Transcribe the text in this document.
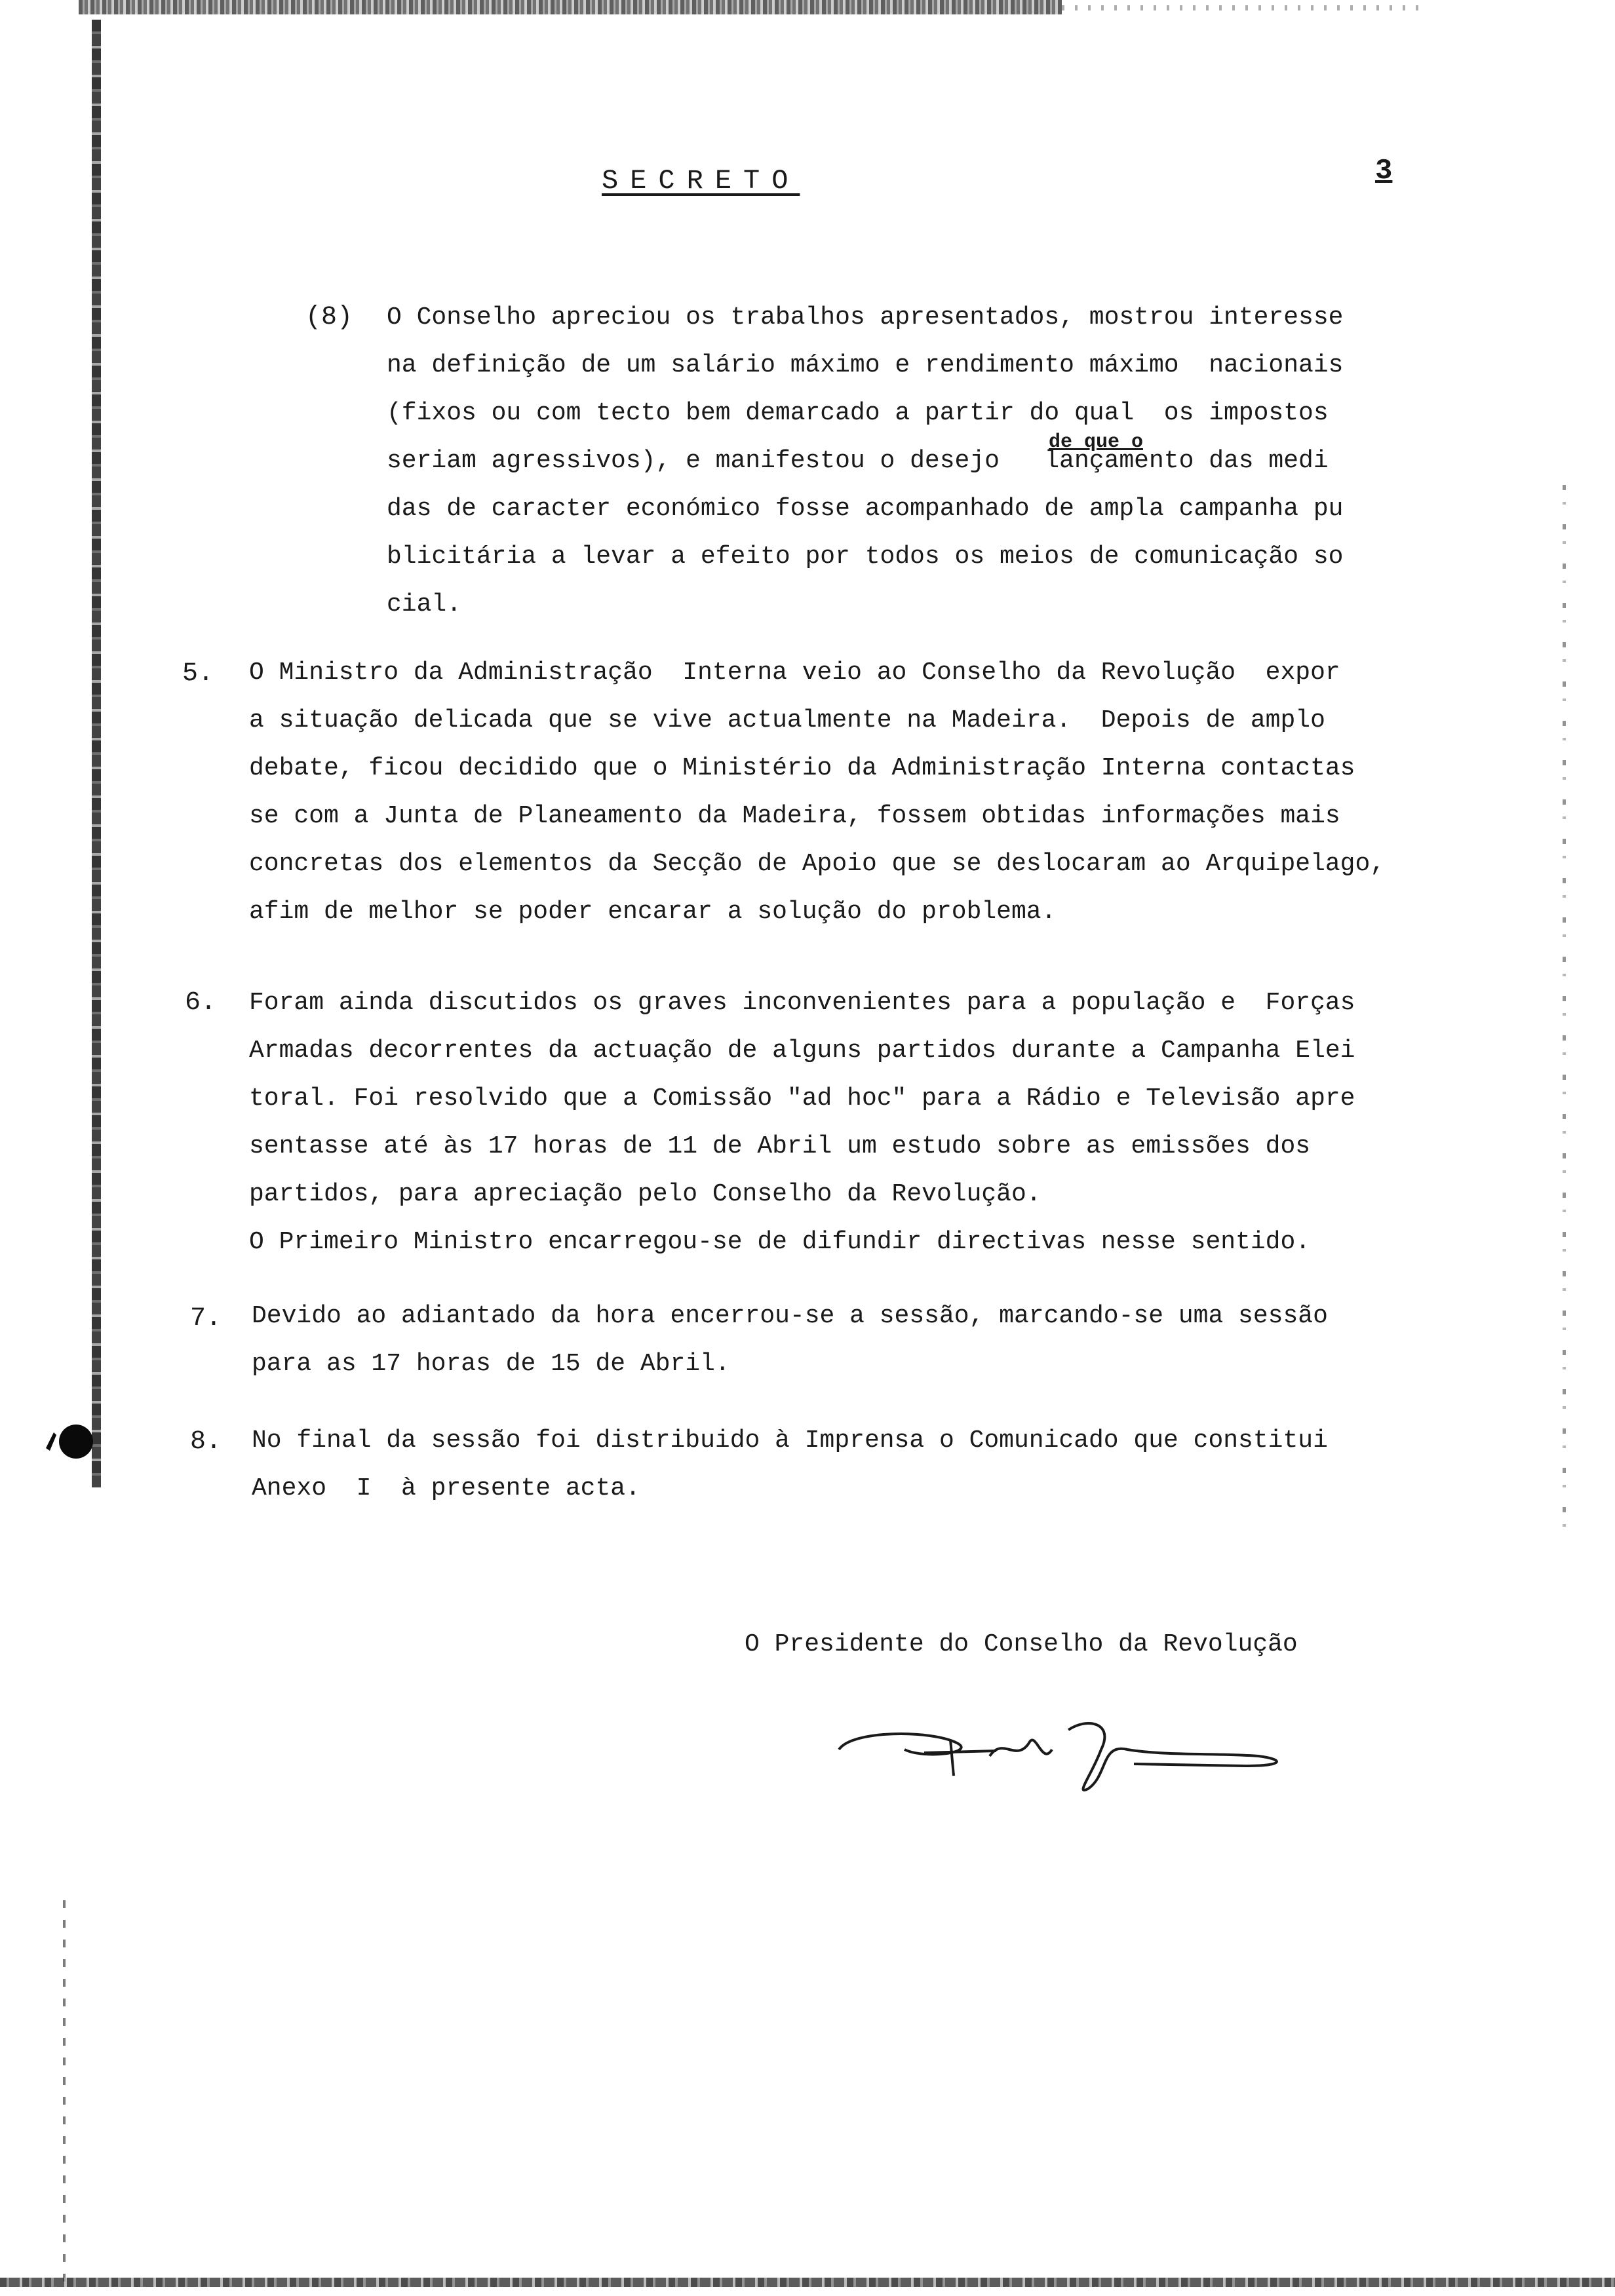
SECRETO	3
(8) O Conselho apreciou os trabalhos apresentados, mostrou interesse
na definição de um salário máximo e rendimento máximo  nacionais
(fixos ou com tecto bem demarcado a partir do qual  os impostos
seriam agressivos), e manifestou o desejo   lançamento das medi
das de caracter económico fosse acompanhado de ampla campanha pu
blicitária a levar a efeito por todos os meios de comunicação so
cial.
de que o
5. O Ministro da Administração  Interna veio ao Conselho da Revolução  expor
a situação delicada que se vive actualmente na Madeira.  Depois de amplo
debate, ficou decidido que o Ministério da Administração Interna contactas
se com a Junta de Planeamento da Madeira, fossem obtidas informações mais
concretas dos elementos da Secção de Apoio que se deslocaram ao Arquipelago,
afim de melhor se poder encarar a solução do problema.
6. Foram ainda discutidos os graves inconvenientes para a população e  Forças
Armadas decorrentes da actuação de alguns partidos durante a Campanha Elei
toral. Foi resolvido que a Comissão "ad hoc" para a Rádio e Televisão apre
sentasse até às 17 horas de 11 de Abril um estudo sobre as emissões dos
partidos, para apreciação pelo Conselho da Revolução.
O Primeiro Ministro encarregou-se de difundir directivas nesse sentido.
7. Devido ao adiantado da hora encerrou-se a sessão, marcando-se uma sessão
para as 17 horas de 15 de Abril.
8. No final da sessão foi distribuido à Imprensa o Comunicado que constitui
Anexo  I  à presente acta.
O Presidente do Conselho da Revolução
